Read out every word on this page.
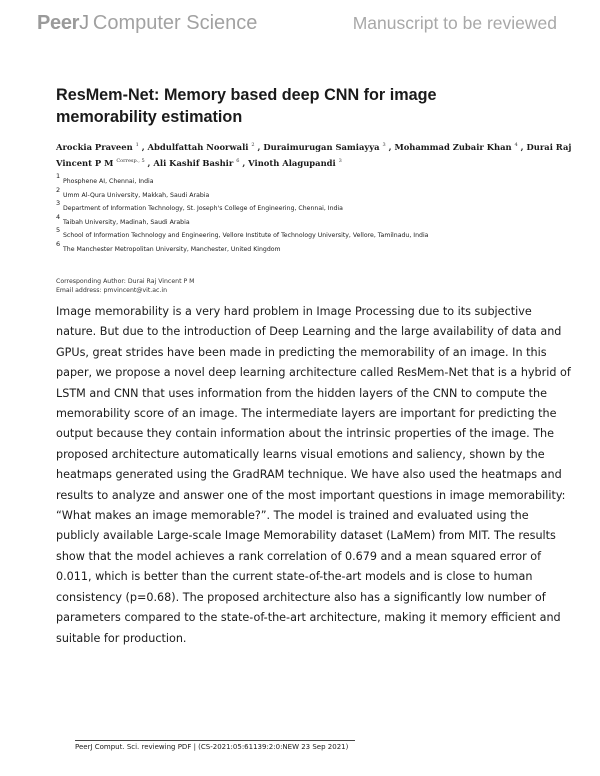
PeerJ Computer Science	Manuscript to be reviewed
ResMem-Net: Memory based deep CNN for image memorability estimation
Arockia Praveen $^1$ , Abdulfattah Noorwali $^2$ , Duraimurugan Samiayya $^3$ , Mohammad Zubair Khan $^4$ , Durai Raj Vincent P M $^{Corresp., 5}$ , Ali Kashif Bashir $^6$ , Vinoth Alagupandi $^3$
1
Phosphene AI, Chennai, India
2
Umm Al-Qura University, Makkah, Saudi Arabia
3
Department of Information Technology, St. Joseph's College of Engineering, Chennai, India
4
Taibah University, Madinah, Saudi Arabia
5
School of Information Technology and Engineering, Vellore Institute of Technology University, Vellore, Tamilnadu, India
6
The Manchester Metropolitan University, Manchester, United Kingdom
Corresponding Author: Durai Raj Vincent P M
Email address: pmvincent@vit.ac.in

Image memorability is a very hard problem in Image Processing due to its subjective nature. But due to the introduction of Deep Learning and the large availability of data and GPUs, great strides have been made in predicting the memorability of an image. In this paper, we propose a novel deep learning architecture called ResMem-Net that is a hybrid of LSTM and CNN that uses information from the hidden layers of the CNN to compute the memorability score of an image. The intermediate layers are important for predicting the output because they contain information about the intrinsic properties of the image. The proposed architecture automatically learns visual emotions and saliency, shown by the heatmaps generated using the GradRAM technique. We have also used the heatmaps and results to analyze and answer one of the most important questions in image memorability: “What makes an image memorable?”. The model is trained and evaluated using the publicly available Large-scale Image Memorability dataset (LaMem) from MIT. The results show that the model achieves a rank correlation of 0.679 and a mean squared error of 0.011, which is better than the current state-of-the-art models and is close to human consistency (p=0.68). The proposed architecture also has a significantly low number of parameters compared to the state-of-the-art architecture, making it memory efficient and suitable for production.

PeerJ Comput. Sci. reviewing PDF | (CS-2021:05:61139:2:0:NEW 23 Sep 2021)
